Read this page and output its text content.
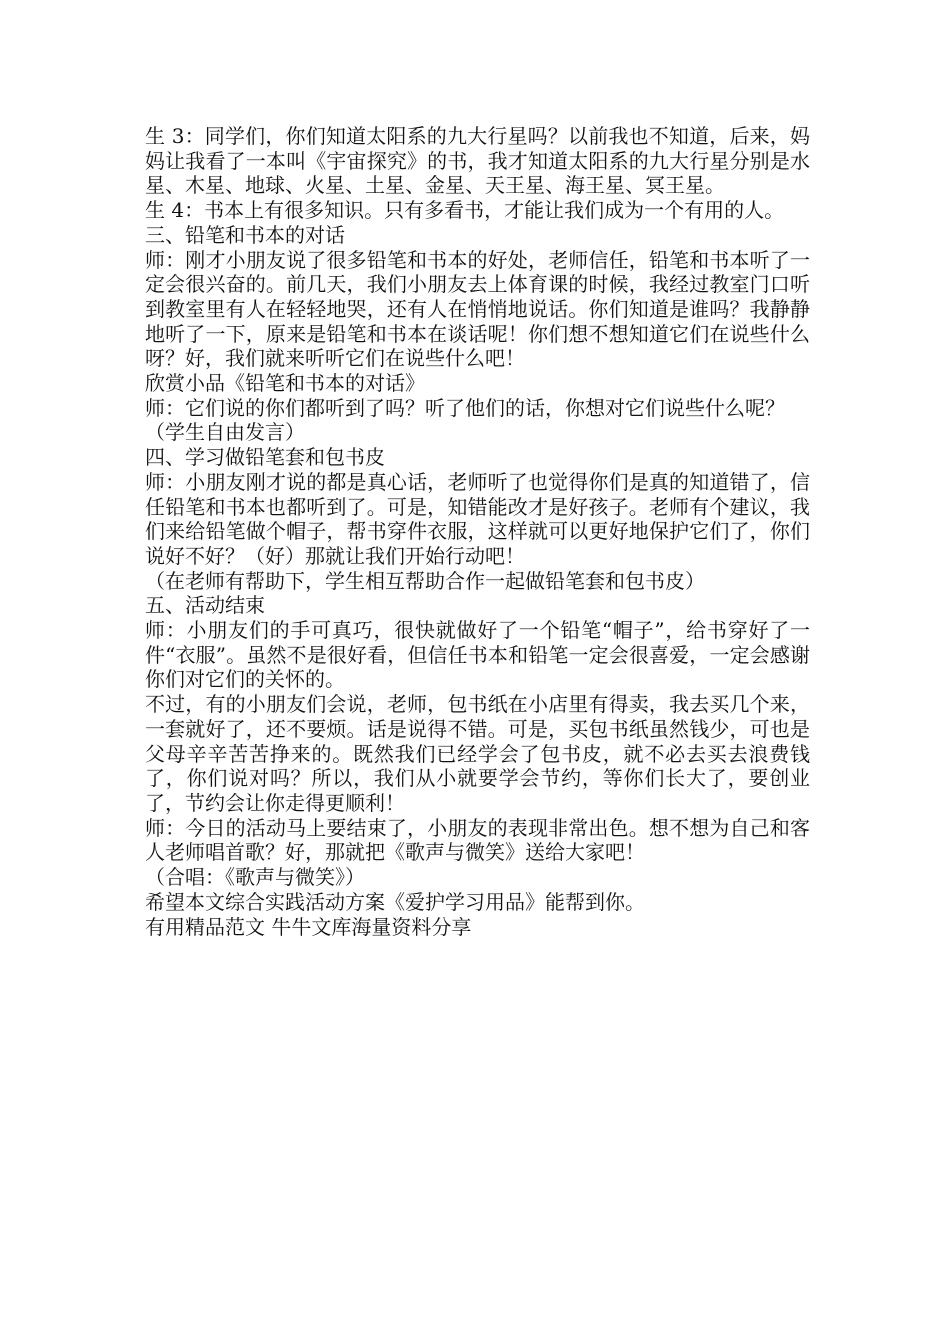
生 3：同学们，你们知道太阳系的九大行星吗？以前我也不知道，后来，妈妈让我看了一本叫《宇宙探究》的书，我才知道太阳系的九大行星分别是水星、木星、地球、火星、土星、金星、天王星、海王星、冥王星。

生 4：书本上有很多知识。只有多看书，才能让我们成为一个有用的人。

三、铅笔和书本的对话

师：刚才小朋友说了很多铅笔和书本的好处，老师信任，铅笔和书本听了一定会很兴奋的。前几天，我们小朋友去上体育课的时候，我经过教室门口听到教室里有人在轻轻地哭，还有人在悄悄地说话。你们知道是谁吗？我静静地听了一下，原来是铅笔和书本在谈话呢！你们想不想知道它们在说些什么呀？好，我们就来听听它们在说些什么吧！

欣赏小品《铅笔和书本的对话》

师：它们说的你们都听到了吗？听了他们的话，你想对它们说些什么呢？

（学生自由发言）

四、学习做铅笔套和包书皮

师：小朋友刚才说的都是真心话，老师听了也觉得你们是真的知道错了，信任铅笔和书本也都听到了。可是，知错能改才是好孩子。老师有个建议，我们来给铅笔做个帽子，帮书穿件衣服，这样就可以更好地保护它们了，你们说好不好？（好）那就让我们开始行动吧！

（在老师有帮助下，学生相互帮助合作一起做铅笔套和包书皮）

五、活动结束

师：小朋友们的手可真巧，很快就做好了一个铅笔“帽子”，给书穿好了一件“衣服”。虽然不是很好看，但信任书本和铅笔一定会很喜爱，一定会感谢你们对它们的关怀的。

不过，有的小朋友们会说，老师，包书纸在小店里有得卖，我去买几个来，一套就好了，还不要烦。话是说得不错。可是，买包书纸虽然钱少，可也是父母辛辛苦苦挣来的。既然我们已经学会了包书皮，就不必去买去浪费钱了，你们说对吗？所以，我们从小就要学会节约，等你们长大了，要创业了，节约会让你走得更顺利！

师：今日的活动马上要结束了，小朋友的表现非常出色。想不想为自己和客人老师唱首歌？好，那就把《歌声与微笑》送给大家吧！

（合唱：《歌声与微笑》）

希望本文综合实践活动方案《爱护学习用品》能帮到你。

有用精品范文 牛牛文库海量资料分享
